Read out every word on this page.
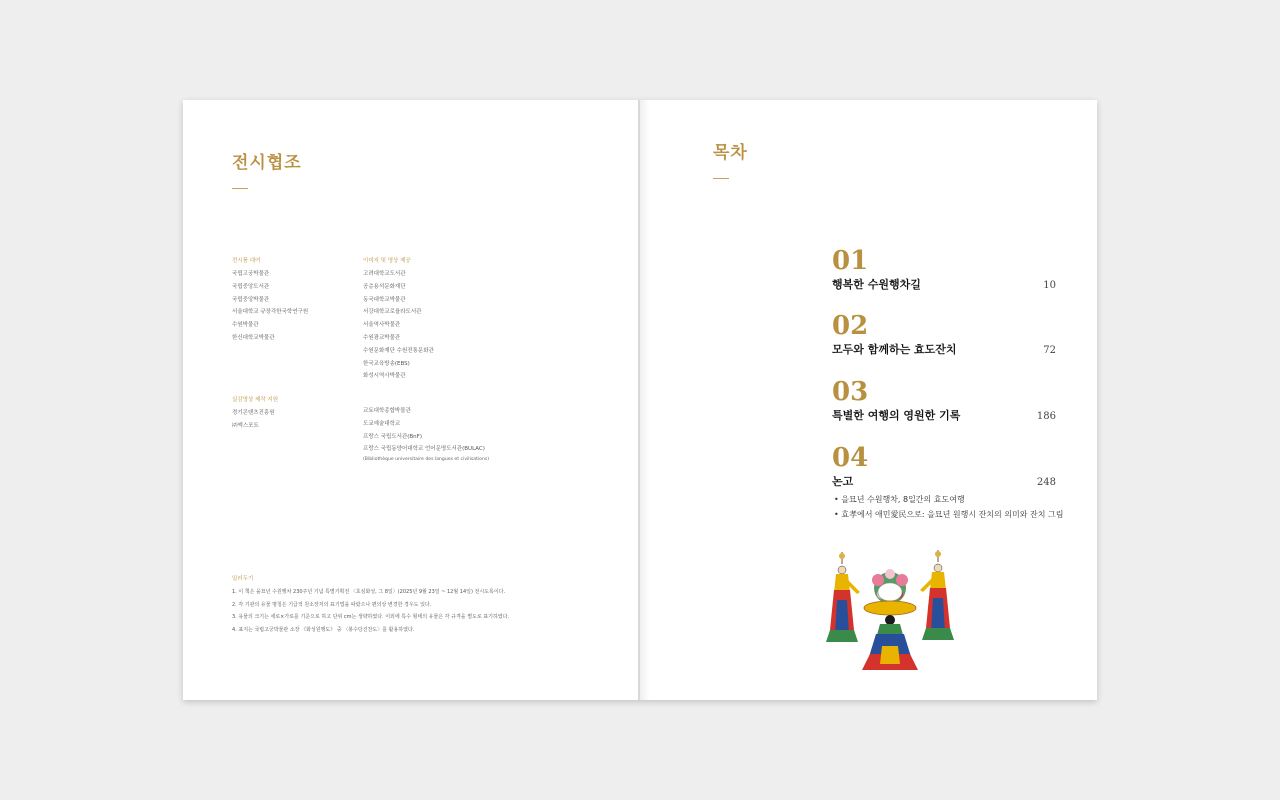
전시협조
전시품 대여
국립고궁박물관
국립중앙도서관
국립중앙박물관
서울대학교 규장각한국학연구원
수원박물관
한신대학교박물관
이미지 및 영상 제공
고려대학교도서관
공층용석문화재단
동국대학교박물관
서강대학교로욜라도서관
서울역사박물관
수원광교박물관
수원문화재단 수원전통문화관
한국교육방송(EBS)
화성시역사박물관
실감영상 제작 지원
경기콘텐츠진흥원
㈜엑스포트
교토대학종합박물관
도쿄예술대학교
프랑스 국립도서관(BnF)
프랑스 국립동양어대학교 언어문명도서관(BULAC)
(Bibliothèque universitaire des langues et civilisations)
일러두기
1. 이 책은 을묘년 수원행차 230주년 기념 특별기획전 〈효심화성, 그 8일〉(2025년 9월 23일 ~ 12월 14일) 전시도록이다.
2. 각 기관의 유물 명칭은 기급적 원소장처의 표기법을 따랐으나 편의상 변경한 경우도 있다.
3. 유물의 크기는 세로×가로를 기준으로 하고 단위 cm는 생략하였다. 이외에 특수 형태의 유물은 각 규격을 별도로 표기하였다.
4. 표지는 국립고궁박물관 소장 《화성원행도》 중 〈봉수당진찬도〉를 활용하였다.
목차
01
행복한 수원행차길	10
02
모두와 함께하는 효도잔치	72
03
특별한 여행의 영원한 기록	186
04
논고	248
• 을묘년 수원행차, 8일간의 효도여행
• 효孝에서 애민愛民으로: 을묘년 원행시 잔치의 의미와 잔치 그림
